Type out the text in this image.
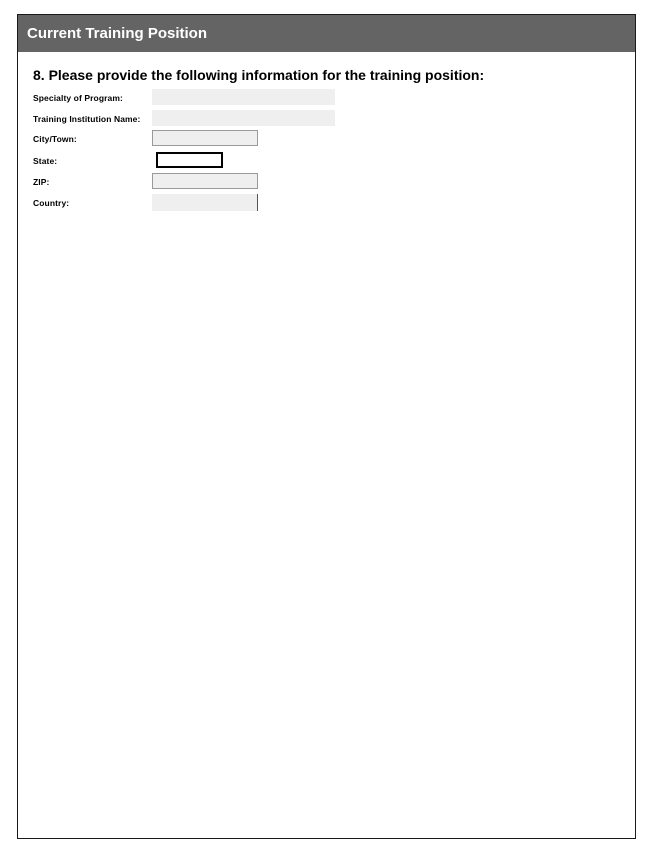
Current Training Position
8. Please provide the following information for the training position:
Specialty of Program:
Training Institution Name:
City/Town:
State:
ZIP:
Country:
